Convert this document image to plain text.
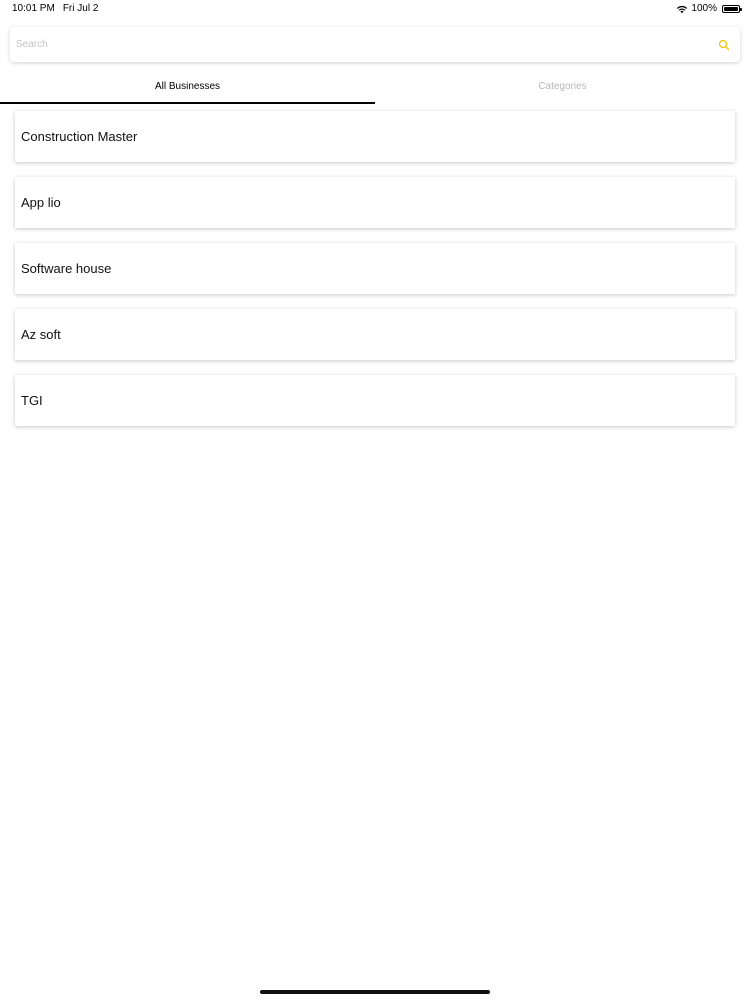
10:01 PM Fri Jul 2	100%
Search
All Businesses	Categories
Construction Master
App lio
Software house
Az soft
TGI
